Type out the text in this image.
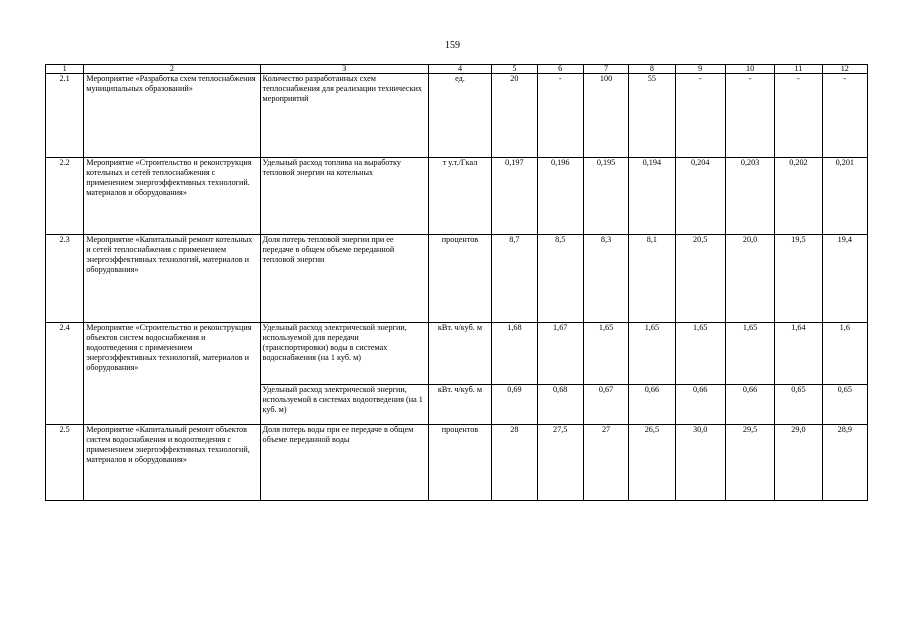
159
1	2	3	4	5	6	7	8	9	10	11	12
2.1	Мероприятие «Разработка схем теплоснабжения муниципальных образований»	Количество разработанных схем теплоснабжения для реализации технических мероприятий	ед.	20	-	100	55	-	-	-	-
2.2	Мероприятие «Строительство и реконструкция котельных и сетей теплоснабжения с применением энергоэффективных технологий. материалов и оборудования»	Удельный расход топлива на выработку тепловой энергии на котельных	т у.т./Гкал	0,197	0,196	0,195	0,194	0,204	0,203	0,202	0,201
2.3	Мероприятие «Капитальный ремонт котельных и сетей теплоснабжения с применением энергоэффективных технологий, материалов и оборудования»	Доля потерь тепловой энергии при ее передаче в общем объеме переданной тепловой энергии	процентов	8,7	8,5	8,3	8,1	20,5	20,0	19,5	19,4
2.4	Мероприятие «Строительство и реконструкция объектов систем водоснабжения и водоотведения с применением энергоэффективных технологий, материалов и оборудования»	Удельный расход электрической энергии, используемой для передачи (транспортировки) воды в системах водоснабжения (на 1 куб. м)	кВт. ч/куб. м	1,68	1,67	1,65	1,65	1,65	1,65	1,64	1,6
		Удельный расход электрической энергии, используемой в системах водоотведения (на 1 куб. м)	кВт. ч/куб. м	0,69	0,68	0,67	0,66	0,66	0,66	0,65	0,65
2.5	Мероприятие «Капитальный ремонт объектов систем водоснабжения и водоотведения с применением энергоэффективных технологий, материалов и оборудования»	Доля потерь воды при ее передаче в общем объеме переданной воды	процентов	28	27,5	27	26,5	30,0	29,5	29,0	28,9
